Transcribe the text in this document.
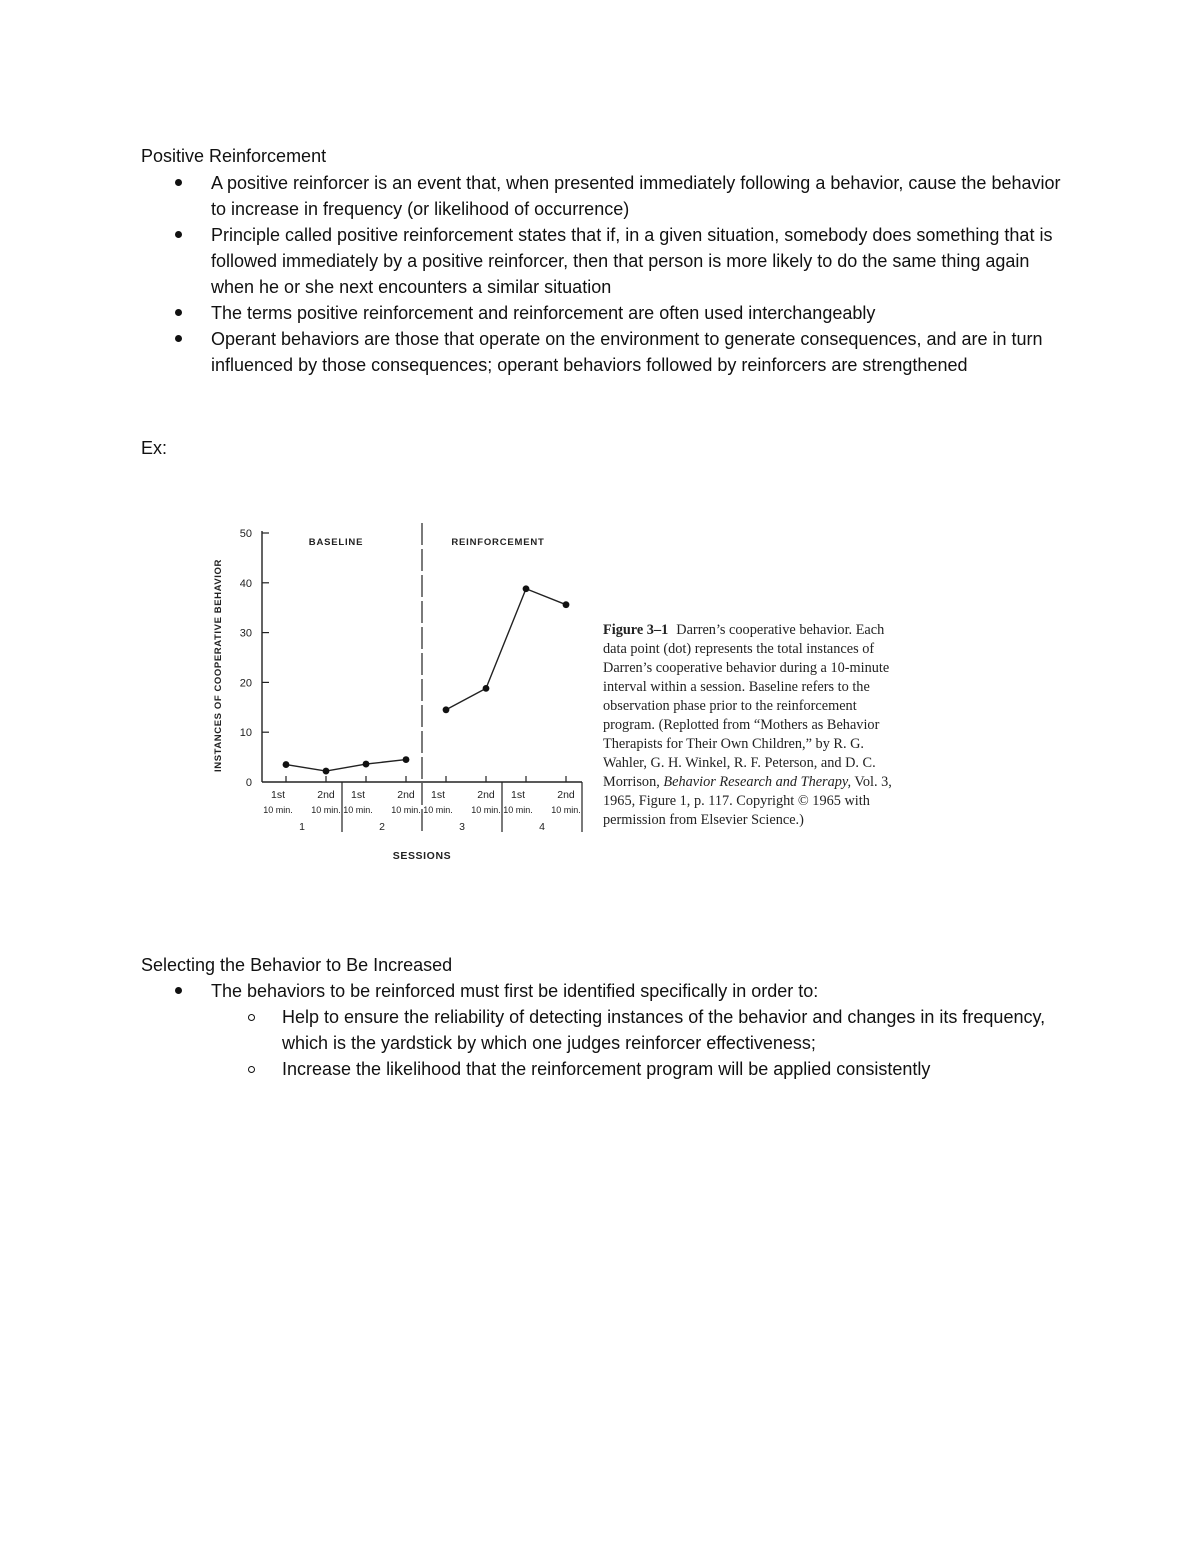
Positive Reinforcement
A positive reinforcer is an event that, when presented immediately following a behavior, cause the behavior to increase in frequency (or likelihood of occurrence)
Principle called positive reinforcement states that if, in a given situation, somebody does something that is followed immediately by a positive reinforcer, then that person is more likely to do the same thing again when he or she next encounters a similar situation
The terms positive reinforcement and reinforcement are often used interchangeably
Operant behaviors are those that operate on the environment to generate consequences, and are in turn influenced by those consequences; operant behaviors followed by reinforcers are strengthened
Ex:
0
10
20
30
40
50
INSTANCES OF COOPERATIVE BEHAVIOR
1st
10 min.
2nd
10 min.
1st
10 min.
2nd
10 min.
1st
10 min.
2nd
10 min.
1st
10 min.
2nd
10 min.
1	2	3	4
SESSIONS
BASELINE	REINFORCEMENT
Figure 3–1 Darren’s cooperative behavior. Each data point (dot) represents the total instances of Darren’s cooperative behavior during a 10-minute interval within a session. Baseline refers to the observation phase prior to the reinforcement program. (Replotted from “Mothers as Behavior Therapists for Their Own Children,” by R. G. Wahler, G. H. Winkel, R. F. Peterson, and D. C. Morrison, Behavior Research and Therapy, Vol. 3, 1965, Figure 1, p. 117. Copyright © 1965 with permission from Elsevier Science.)
Selecting the Behavior to Be Increased
The behaviors to be reinforced must first be identified specifically in order to:
Help to ensure the reliability of detecting instances of the behavior and changes in its frequency, which is the yardstick by which one judges reinforcer effectiveness;
Increase the likelihood that the reinforcement program will be applied consistently
